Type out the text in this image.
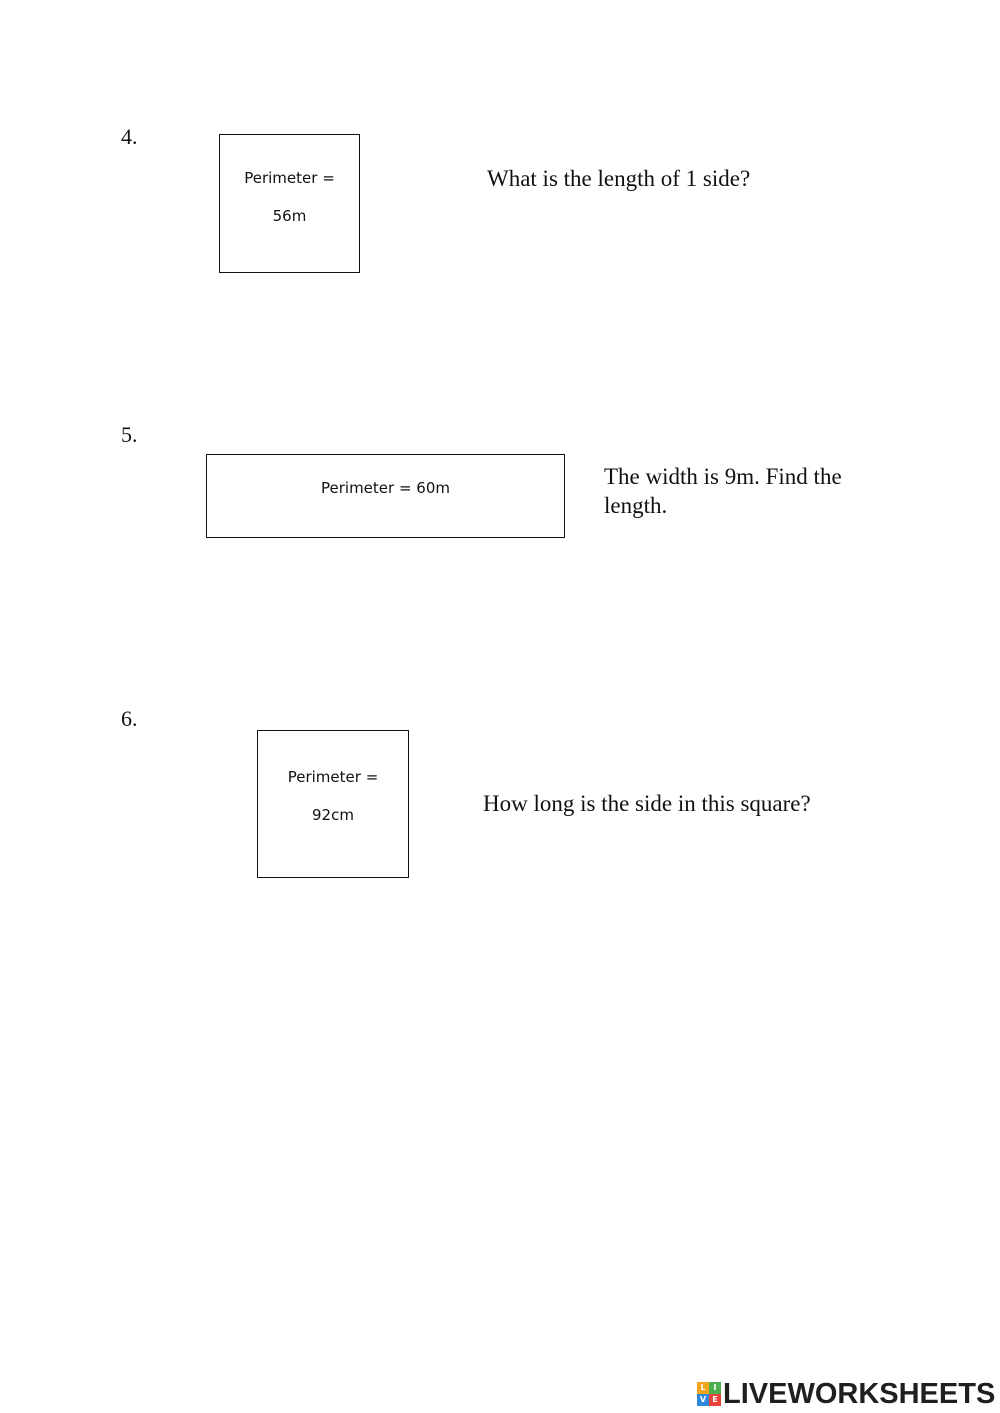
4.
Perimeter =
56m
What is the length of 1 side?
5.
Perimeter = 60m	The width is 9m. Find the
length.
6.
Perimeter =
92cm	How long is the side in this square?
L I
V E LIVEWORKSHEETS
